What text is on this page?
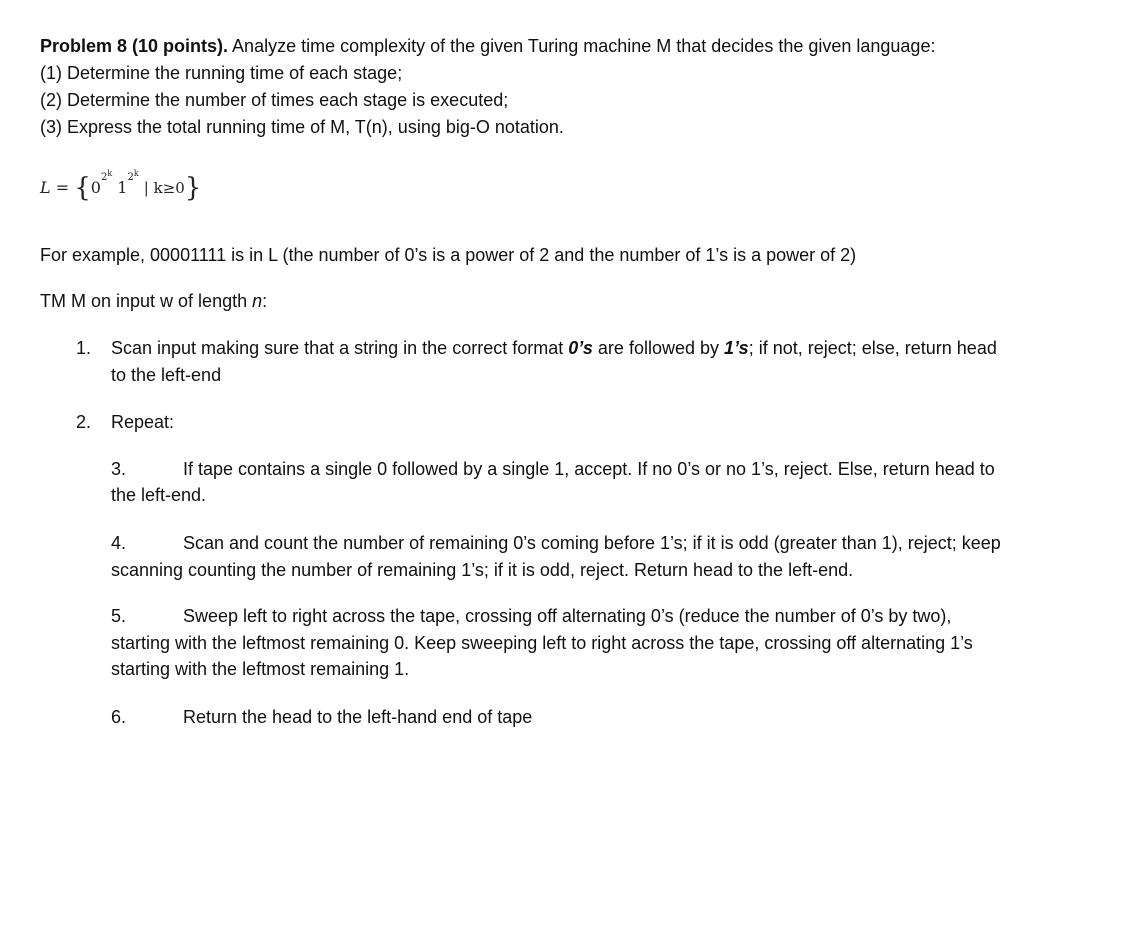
Problem 8 (10 points). Analyze time complexity of the given Turing machine M that decides the given language:
(1) Determine the running time of each stage;
(2) Determine the number of times each stage is executed;
(3) Express the total running time of M, T(n), using big-O notation.
$L = \{0^{2^k}$ $1^{2^k}$ | k≥0}
For example, 00001111 is in L (the number of 0’s is a power of 2 and the number of 1’s is a power of 2)
TM M on input w of length n:
1. Scan input making sure that a string in the correct format 0’s are followed by 1’s; if not, reject; else, return head
to the left-end
2. Repeat:
3.	If tape contains a single 0 followed by a single 1, accept. If no 0’s or no 1’s, reject. Else, return head to
the left-end.
4.	Scan and count the number of remaining 0’s coming before 1’s; if it is odd (greater than 1), reject; keep
scanning counting the number of remaining 1’s; if it is odd, reject. Return head to the left-end.
5.	Sweep left to right across the tape, crossing off alternating 0’s (reduce the number of 0’s by two),
starting with the leftmost remaining 0. Keep sweeping left to right across the tape, crossing off alternating 1’s
starting with the leftmost remaining 1.
6.	Return the head to the left-hand end of tape
